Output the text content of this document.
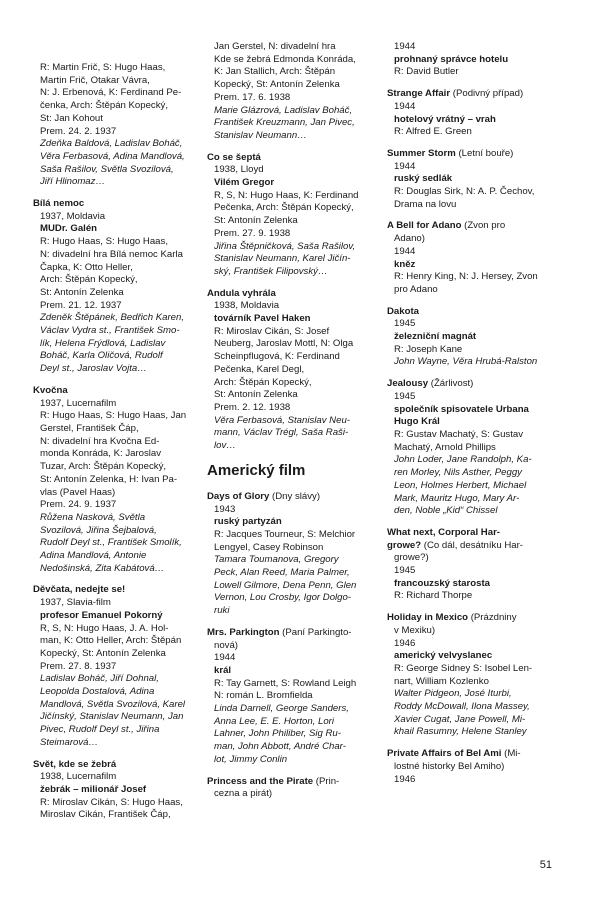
R: Martin Frič, S: Hugo Haas,
Martin Frič, Otakar Vávra,
N: J. Erbenová, K: Ferdinand Pe-
čenka, Arch: Štěpán Kopecký,
St: Jan Kohout
Prem. 24. 2. 1937
Zdeňka Baldová, Ladislav Boháč,
Věra Ferbasová, Adina Mandlová,
Saša Rašilov, Světla Svozilová,
Jiří Hlinomaz…
Bílá nemoc
1937, Moldavia
MUDr. Galén
R: Hugo Haas, S: Hugo Haas,
N: divadelní hra Bílá nemoc Karla
Čapka, K: Otto Heller,
Arch: Štěpán Kopecký,
St: Antonín Zelenka
Prem. 21. 12. 1937
Zdeněk Štěpánek, Bedřich Karen,
Václav Vydra st., František Smo-
lík, Helena Frýdlová, Ladislav
Boháč, Karla Oličová, Rudolf
Deyl st., Jaroslav Vojta…
Kvočna
1937, Lucernafilm
R: Hugo Haas, S: Hugo Haas, Jan
Gerstel, František Čáp,
N: divadelní hra Kvočna Ed-
monda Konráda, K: Jaroslav
Tuzar, Arch: Štěpán Kopecký,
St: Antonín Zelenka, H: Ivan Pa-
vlas (Pavel Haas)
Prem. 24. 9. 1937
Růžena Nasková, Světla
Svozilová, Jiřina Šejbalová,
Rudolf Deyl st., František Smolík,
Adina Mandlová, Antonie
Nedošinská, Zita Kabátová…
Děvčata, nedejte se!
1937, Slavia-film
profesor Emanuel Pokorný
R, S, N: Hugo Haas, J. A. Hol-
man, K: Otto Heller, Arch: Štěpán
Kopecký, St: Antonín Zelenka
Prem. 27. 8. 1937
Ladislav Boháč, Jiří Dohnal,
Leopolda Dostalová, Adina
Mandlová, Světla Svozilová, Karel
Jičínský, Stanislav Neumann, Jan
Pivec, Rudolf Deyl st., Jiřina
Steimarová…
Svět, kde se žebrá
1938, Lucernafilm
žebrák – milionář Josef
R: Miroslav Cikán, S: Hugo Haas,
Miroslav Cikán, František Čáp,
Jan Gerstel, N: divadelní hra
Kde se žebrá Edmonda Konráda,
K: Jan Stallich, Arch: Štěpán
Kopecký, St: Antonín Zelenka
Prem. 17. 6. 1938
Marie Glázrová, Ladislav Boháč,
František Kreuzmann, Jan Pivec,
Stanislav Neumann…
Co se šeptá
1938, Lloyd
Vilém Gregor
R, S, N: Hugo Haas, K: Ferdinand
Pečenka, Arch: Štěpán Kopecký,
St: Antonín Zelenka
Prem. 27. 9. 1938
Jiřina Štěpničková, Saša Rašilov,
Stanislav Neumann, Karel Jičín-
ský, František Filipovský…
Andula vyhrála
1938, Moldavia
továrník Pavel Haken
R: Miroslav Cikán, S: Josef
Neuberg, Jaroslav Mottl, N: Olga
Scheinpflugová, K: Ferdinand
Pečenka, Karel Degl,
Arch: Štěpán Kopecký,
St: Antonín Zelenka
Prem. 2. 12. 1938
Věra Ferbasová, Stanislav Neu-
mann, Václav Trégl, Saša Raši-
lov…
Americký film
Days of Glory (Dny slávy)
1943
ruský partyzán
R: Jacques Tourneur, S: Melchior
Lengyel, Casey Robinson
Tamara Toumanova, Gregory
Peck, Alan Reed, Maria Palmer,
Lowell Gilmore, Dena Penn, Glen
Vernon, Lou Crosby, Igor Dolgo-
ruki
Mrs. Parkington (Paní Parkingto-
nová)
1944
král
R: Tay Garnett, S: Rowland Leigh
N: román L. Bromfielda
Linda Darnell, George Sanders,
Anna Lee, E. E. Horton, Lori
Lahner, John Philiber, Sig Ru-
man, John Abbott, André Char-
lot, Jimmy Conlin
Princess and the Pirate (Prin-
cezna a pirát)
1944
prohnaný správce hotelu
R: David Butler
Strange Affair (Podivný případ)
1944
hotelový vrátný – vrah
R: Alfred E. Green
Summer Storm (Letní bouře)
1944
ruský sedlák
R: Douglas Sirk, N: A. P. Čechov,
Drama na lovu
A Bell for Adano (Zvon pro
Adano)
1944
kněz
R: Henry King, N: J. Hersey, Zvon
pro Adano
Dakota
1945
železniční magnát
R: Joseph Kane
John Wayne, Věra Hrubá-Ralston
Jealousy (Žárlivost)
1945
společník spisovatele Urbana
Hugo Král
R: Gustav Machatý, S: Gustav
Machatý, Arnold Phillips
John Loder, Jane Randolph, Ka-
ren Morley, Nils Asther, Peggy
Leon, Holmes Herbert, Michael
Mark, Mauritz Hugo, Mary Ar-
den, Noble „Kid“ Chissel
What next, Corporal Har-
growe? (Co dál, desátníku Har-
growe?)
1945
francouzský starosta
R: Richard Thorpe
Holiday in Mexico (Prázdniny
v Mexiku)
1946
americký velvyslanec
R: George Sidney S: Isobel Len-
nart, William Kozlenko
Walter Pidgeon, José Iturbi,
Roddy McDowall, Ilona Massey,
Xavier Cugat, Jane Powell, Mi-
khail Rasumny, Helene Stanley
Private Affairs of Bel Ami (Mi-
lostné historky Bel Amiho)
1946
51
